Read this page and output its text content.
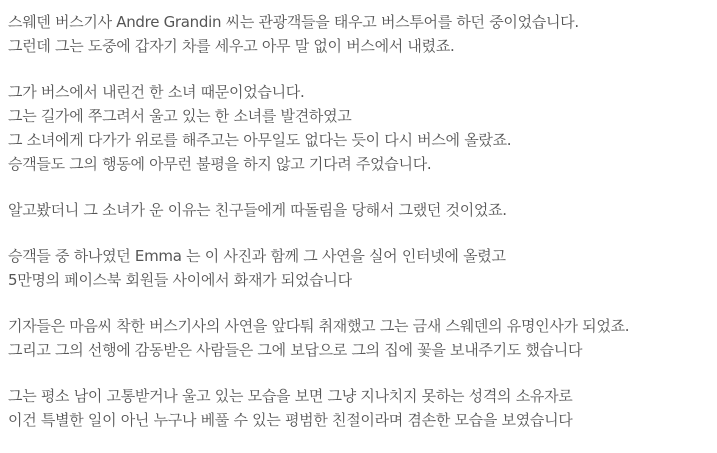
스웨덴 버스기사 Andre Grandin 씨는 관광객들을 태우고 버스투어를 하던 중이었습니다.
그런데 그는 도중에 갑자기 차를 세우고 아무 말 없이 버스에서 내렸죠.

그가 버스에서 내린건 한 소녀 때문이었습니다.
그는 길가에 쭈그려서 울고 있는 한 소녀를 발견하였고
그 소녀에게 다가가 위로를 해주고는 아무일도 없다는 듯이 다시 버스에 올랐죠.
승객들도 그의 행동에 아무런 불평을 하지 않고 기다려 주었습니다.

알고봤더니 그 소녀가 운 이유는 친구들에게 따돌림을 당해서 그랬던 것이었죠.

승객들 중 하나였던 Emma 는 이 사진과 함께 그 사연을 실어 인터넷에 올렸고
5만명의 페이스북 회원들 사이에서 화재가 되었습니다

기자들은 마음씨 착한 버스기사의 사연을 앞다퉈 취재했고 그는 금새 스웨덴의 유명인사가 되었죠.
그리고 그의 선행에 감동받은 사람들은 그에 보답으로 그의 집에 꽃을 보내주기도 했습니다

그는 평소 남이 고통받거나 울고 있는 모습을 보면 그냥 지나치지 못하는 성격의 소유자로
이건 특별한 일이 아닌 누구나 베풀 수 있는 평범한 친절이라며 겸손한 모습을 보였습니다
